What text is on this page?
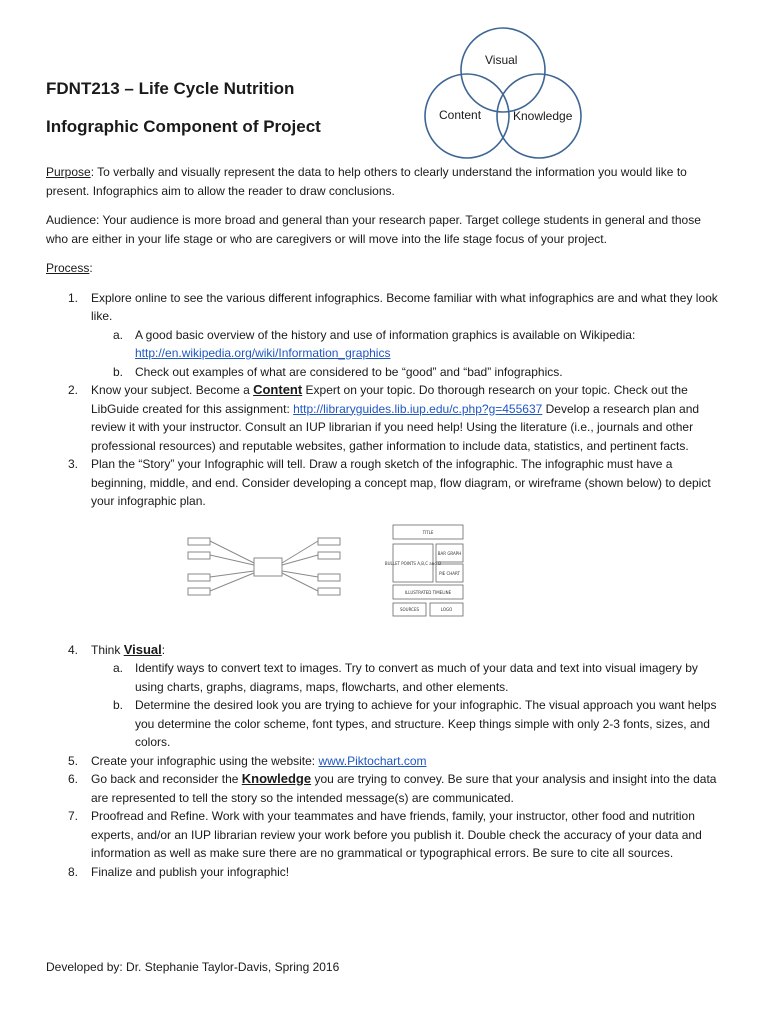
FDNT213 – Life Cycle Nutrition
Infographic Component of Project
Visual
Content	Knowledge

Purpose: To verbally and visually represent the data to help others to clearly understand the information you would like to present. Infographics aim to allow the reader to draw conclusions.

Audience: Your audience is more broad and general than your research paper. Target college students in general and those who are either in your life stage or who are caregivers or will move into the life stage focus of your project.

Process:

1. Explore online to see the various different infographics. Become familiar with what infographics are and what they look like.
a. A good basic overview of the history and use of information graphics is available on Wikipedia: http://en.wikipedia.org/wiki/Information_graphics
b. Check out examples of what are considered to be “good” and “bad” infographics.
2. Know your subject. Become a Content Expert on your topic. Do thorough research on your topic. Check out the LibGuide created for this assignment: http://libraryguides.lib.iup.edu/c.php?g=455637 Develop a research plan and review it with your instructor. Consult an IUP librarian if you need help! Using the literature (i.e., journals and other professional resources) and reputable websites, gather information to include data, statistics, and pertinent facts.
3. Plan the “Story” your Infographic will tell. Draw a rough sketch of the infographic. The infographic must have a beginning, middle, and end. Consider developing a concept map, flow diagram, or wireframe (shown below) to depict your infographic plan.
TITLE
BULLET POINTS A,B,C and D
BAR GRAPH
PIE CHART
ILLUSTRATED TIMELINE
SOURCES	LOGO
4. Think Visual:
a. Identify ways to convert text to images. Try to convert as much of your data and text into visual imagery by using charts, graphs, diagrams, maps, flowcharts, and other elements.
b. Determine the desired look you are trying to achieve for your infographic. The visual approach you want helps you determine the color scheme, font types, and structure. Keep things simple with only 2-3 fonts, sizes, and colors.
5. Create your infographic using the website: www.Piktochart.com
6. Go back and reconsider the Knowledge you are trying to convey. Be sure that your analysis and insight into the data are represented to tell the story so the intended message(s) are communicated.
7. Proofread and Refine. Work with your teammates and have friends, family, your instructor, other food and nutrition experts, and/or an IUP librarian review your work before you publish it. Double check the accuracy of your data and information as well as make sure there are no grammatical or typographical errors. Be sure to cite all sources.
8. Finalize and publish your infographic!
Developed by: Dr. Stephanie Taylor-Davis, Spring 2016
